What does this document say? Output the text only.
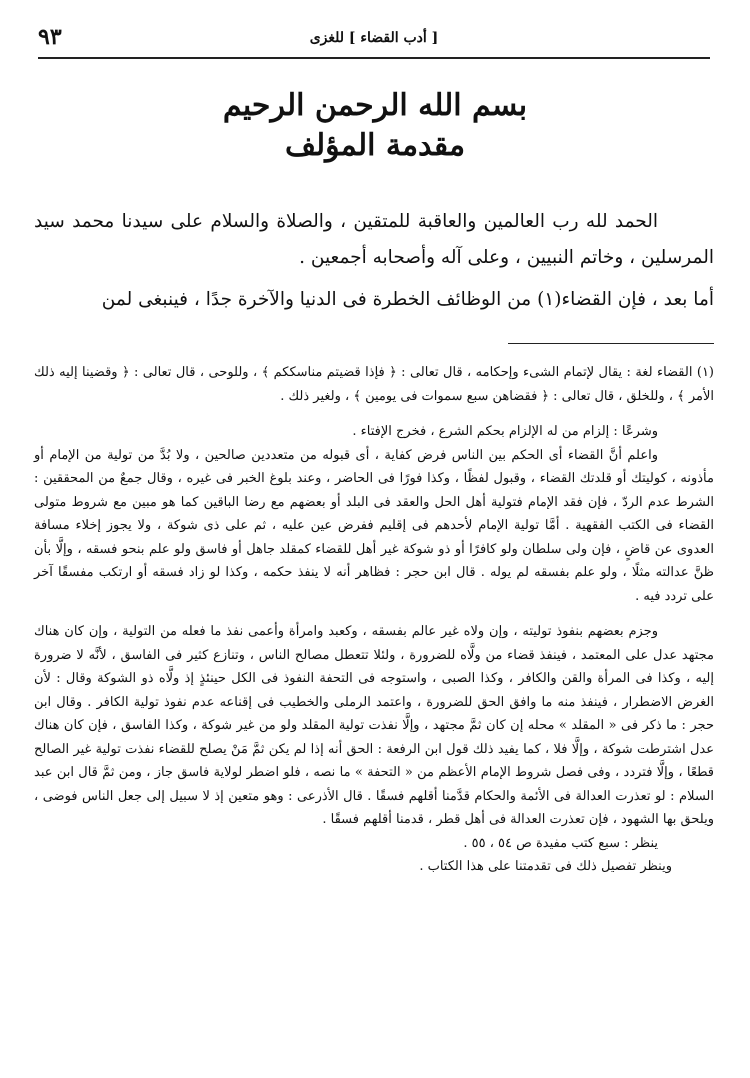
٩٣	[ أدب القضاء ] للغزى
بسم الله الرحمن الرحيم
مقدمة المؤلف

الحمد لله رب العالمين والعاقبة للمتقين ، والصلاة والسلام على سيدنا محمد سيد المرسلين ، وخاتم النبيين ، وعلى آله وأصحابه أجمعين .

أما بعد ، فإن القضاء(١) من الوظائف الخطرة فى الدنيا والآخرة جدًا ، فينبغى لمن

(١) القضاء لغة : يقال لإتمام الشىء وإحكامه ، قال تعالى : ﴿ فإذا قضيتم مناسككم ﴾ ، وللوحى ، قال تعالى : ﴿ وقضينا إليه ذلك الأمر ﴾ ، وللخلق ، قال تعالى : ﴿ فقضاهن سبع سموات فى يومين ﴾ ، ولغير ذلك .

وشرعًا : إلزام من له الإلزام بحكم الشرع ، فخرج الإفتاء .

واعلم أنَّ القضاء أى الحكم بين الناس فرض كفاية ، أى قبوله من متعددين صالحين ، ولا بُدَّ من تولية من الإمام أو مأذونه ، كوليتك أو قلدتك القضاء ، وقبول لفظًا ، وكذا فورًا فى الحاضر ، وعند بلوغ الخبر فى غيره ، وقال جمعٌ من المحققين : الشرط عدم الردّ ، فإن فقد الإمام فتولية أهل الحل والعقد فى البلد أو بعضهم مع رضا الباقين كما هو مبين مع شروط متولى القضاء فى الكتب الفقهية . أمَّا تولية الإمام لأحدهم فى إقليم ففرض عين عليه ، ثم على ذى شوكة ، ولا يجوز إخلاء مسافة العدوى عن قاضٍ ، فإن ولى سلطان ولو كافرًا أو ذو شوكة غير أهل للقضاء كمقلد جاهل أو فاسق ولو علم بنحو فسقه ، وإلَّا بأن ظنَّ عدالته مثلًا ، ولو علم بفسقه لم يوله . قال ابن حجر : فظاهر أنه لا ينفذ حكمه ، وكذا لو زاد فسقه أو ارتكب مفسقًا آخر على تردد فيه .

وجزم بعضهم بنفوذ توليته ، وإن ولاه غير عالم بفسقه ، وكعبد وامرأة وأعمى نفذ ما فعله من التولية ، وإن كان هناك مجتهد عدل على المعتمد ، فينفذ قضاء من ولَّاه للضرورة ، ولئلا تتعطل مصالح الناس ، وتنازع كثير فى الفاسق ، لأنَّه لا ضرورة إليه ، وكذا فى المرأة والقن والكافر ، وكذا الصبى ، واستوجه فى التحفة النفوذ فى الكل حينئذٍ إذ ولَّاه ذو الشوكة وقال : لأن الغرض الاضطرار ، فينفذ منه ما وافق الحق للضرورة ، واعتمد الرملى والخطيب فى إقناعه عدم نفوذ تولية الكافر . وقال ابن حجر : ما ذكر فى « المقلد » محله إن كان ثمَّ مجتهد ، وإلَّا نفذت تولية المقلد ولو من غير شوكة ، وكذا الفاسق ، فإن كان هناك عدل اشترطت شوكة ، وإلَّا فلا ، كما يفيد ذلك قول ابن الرفعة : الحق أنه إذا لم يكن ثمَّ مَنْ يصلح للقضاء نفذت تولية غير الصالح قطعًا ، وإلَّا فتردد ، وفى فصل شروط الإمام الأعظم من « التحفة » ما نصه ، فلو اضطر لولاية فاسق جاز ، ومن ثمَّ قال ابن عبد السلام : لو تعذرت العدالة فى الأئمة والحكام قدَّمنا أقلهم فسقًا . قال الأذرعى : وهو متعين إذ لا سبيل إلى جعل الناس فوضى ، ويلحق بها الشهود ، فإن تعذرت العدالة فى أهل قطر ، قدمنا أقلهم فسقًا .

ينظر : سبع كتب مفيدة ص ٥٤ ، ٥٥ .

وينظر تفصيل ذلك فى تقدمتنا على هذا الكتاب .
